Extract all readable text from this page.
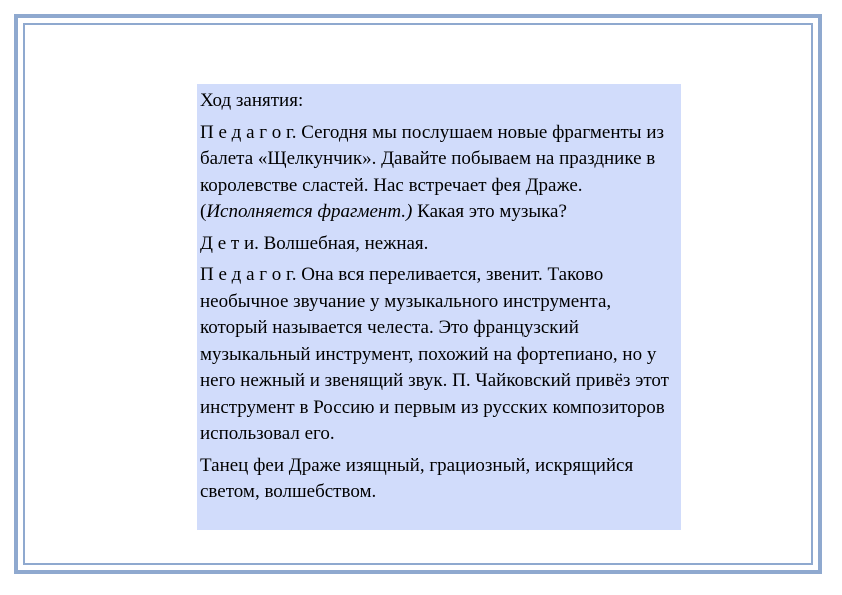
Ход занятия:

П е д а г о г. Сегодня мы послушаем новые фрагменты из балета «Щелкунчик». Давайте побываем на празднике в королевстве сластей. Нас встречает фея Драже. (Исполняется фрагмент.) Какая это музыка?

Д е т и. Волшебная, нежная.

П е д а г о г. Она вся переливается, звенит. Таково необычное звучание у музыкального инструмента, который называется челеста. Это французский музыкальный инструмент, похожий на фортепиано, но у него нежный и звенящий звук. П. Чайковский привёз этот инструмент в Россию и первым из русских композиторов использовал его.

Танец феи Драже изящный, грациозный, искрящийся светом, волшебством.
